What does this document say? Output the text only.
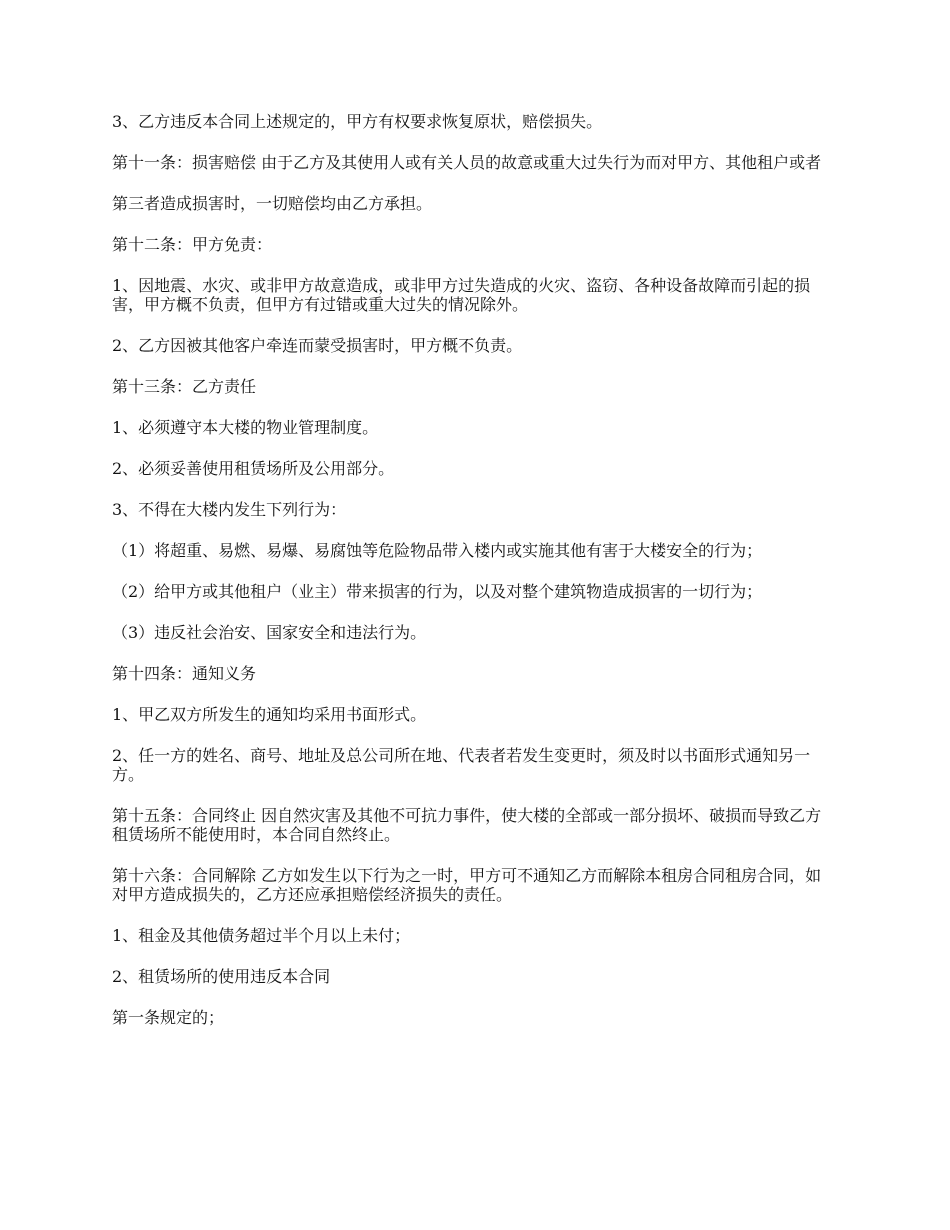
3、乙方违反本合同上述规定的，甲方有权要求恢复原状，赔偿损失。

第十一条：损害赔偿 由于乙方及其使用人或有关人员的故意或重大过失行为而对甲方、其他租户或者

第三者造成损害时，一切赔偿均由乙方承担。

第十二条：甲方免责：

1、因地震、水灾、或非甲方故意造成，或非甲方过失造成的火灾、盗窃、各种设备故障而引起的损害，甲方概不负责，但甲方有过错或重大过失的情况除外。

2、乙方因被其他客户牵连而蒙受损害时，甲方概不负责。

第十三条：乙方责任

1、必须遵守本大楼的物业管理制度。

2、必须妥善使用租赁场所及公用部分。

3、不得在大楼内发生下列行为：

（1）将超重、易燃、易爆、易腐蚀等危险物品带入楼内或实施其他有害于大楼安全的行为；

（2）给甲方或其他租户（业主）带来损害的行为，以及对整个建筑物造成损害的一切行为；

（3）违反社会治安、国家安全和违法行为。

第十四条：通知义务

1、甲乙双方所发生的通知均采用书面形式。

2、任一方的姓名、商号、地址及总公司所在地、代表者若发生变更时，须及时以书面形式通知另一方。

第十五条：合同终止 因自然灾害及其他不可抗力事件，使大楼的全部或一部分损坏、破损而导致乙方租赁场所不能使用时，本合同自然终止。

第十六条：合同解除 乙方如发生以下行为之一时，甲方可不通知乙方而解除本租房合同租房合同，如对甲方造成损失的，乙方还应承担赔偿经济损失的责任。

1、租金及其他债务超过半个月以上未付；

2、租赁场所的使用违反本合同

第一条规定的；
